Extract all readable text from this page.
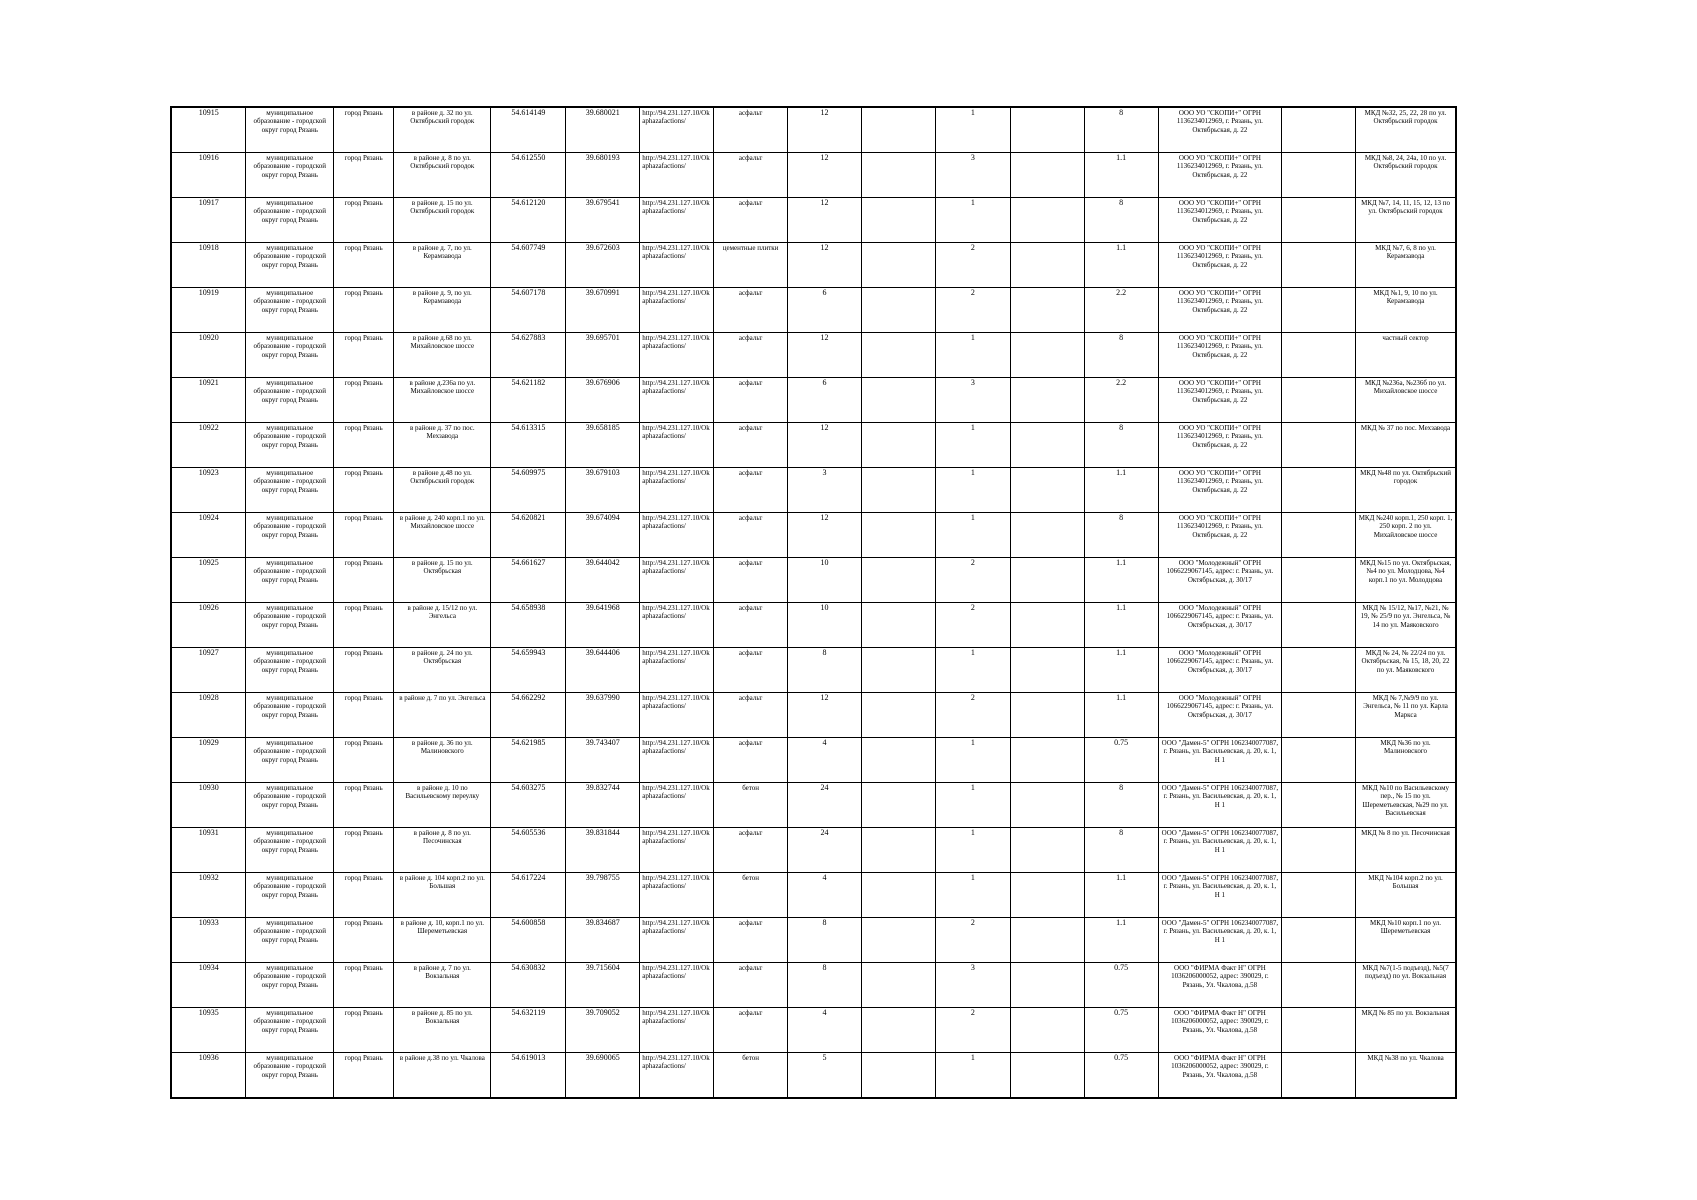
10915	муниципальное образование - городской округ город Рязань	город Рязань	в районе д. 32 по ул. Октябрьский городок	54.614149	39.680021	http://94.231.127.10/Okaphazafactions/	асфальт	12		1		8	ООО УО "СКОПИ+" ОГРН 1136234012969, г. Рязань, ул. Октябрьская, д. 22		МКД №32, 25, 22, 28 по ул. Октябрьский городок
10916	муниципальное образование - городской округ город Рязань	город Рязань	в районе д. 8 по ул. Октябрьский городок	54.612550	39.680193	http://94.231.127.10/Okaphazafactions/	асфальт	12		3		1.1	ООО УО "СКОПИ+" ОГРН 1136234012969, г. Рязань, ул. Октябрьская, д. 22		МКД №8, 24, 24а, 10 по ул. Октябрьский городок
10917	муниципальное образование - городской округ город Рязань	город Рязань	в районе д. 15 по ул. Октябрьский городок	54.612120	39.679541	http://94.231.127.10/Okaphazafactions/	асфальт	12		1		8	ООО УО "СКОПИ+" ОГРН 1136234012969, г. Рязань, ул. Октябрьская, д. 22		МКД №7, 14, 11, 15, 12, 13 по ул. Октябрьский городок
10918	муниципальное образование - городской округ город Рязань	город Рязань	в районе д. 7, по ул. Керамзавода	54.607749	39.672603	http://94.231.127.10/Okaphazafactions/	цементные плитки	12		2		1.1	ООО УО "СКОПИ+" ОГРН 1136234012969, г. Рязань, ул. Октябрьская, д. 22		МКД №7, 6, 8 по ул. Керамзавода
10919	муниципальное образование - городской округ город Рязань	город Рязань	в районе д. 9, по ул. Керамзавода	54.607178	39.670991	http://94.231.127.10/Okaphazafactions/	асфальт	6		2		2.2	ООО УО "СКОПИ+" ОГРН 1136234012969, г. Рязань, ул. Октябрьская, д. 22		МКД №1, 9, 10 по ул. Керамзавода
10920	муниципальное образование - городской округ город Рязань	город Рязань	в районе д.68 по ул. Михайловское шоссе	54.627883	39.695701	http://94.231.127.10/Okaphazafactions/	асфальт	12		1		8	ООО УО "СКОПИ+" ОГРН 1136234012969, г. Рязань, ул. Октябрьская, д. 22		частный сектор
10921	муниципальное образование - городской округ город Рязань	город Рязань	в районе д.236а по ул. Михайловское шоссе	54.621182	39.676906	http://94.231.127.10/Okaphazafactions/	асфальт	6		3		2.2	ООО УО "СКОПИ+" ОГРН 1136234012969, г. Рязань, ул. Октябрьская, д. 22		МКД №236а, №236б по ул. Михайловское шоссе
10922	муниципальное образование - городской округ город Рязань	город Рязань	в районе д. 37 по пос. Мехзавода	54.613315	39.658185	http://94.231.127.10/Okaphazafactions/	асфальт	12		1		8	ООО УО "СКОПИ+" ОГРН 1136234012969, г. Рязань, ул. Октябрьская, д. 22		МКД № 37 по пос. Мехзавода
10923	муниципальное образование - городской округ город Рязань	город Рязань	в районе д.48 по ул. Октябрьский городок	54.609975	39.679103	http://94.231.127.10/Okaphazafactions/	асфальт	3		1		1.1	ООО УО "СКОПИ+" ОГРН 1136234012969, г. Рязань, ул. Октябрьская, д. 22		МКД №48 по ул. Октябрьский городок
10924	муниципальное образование - городской округ город Рязань	город Рязань	в районе д. 240 корп.1 по ул. Михайловское шоссе	54.620821	39.674094	http://94.231.127.10/Okaphazafactions/	асфальт	12		1		8	ООО УО "СКОПИ+" ОГРН 1136234012969, г. Рязань, ул. Октябрьская, д. 22		МКД №240 корп.1, 250 корп. 1, 250 корп. 2 по ул. Михайловское шоссе
10925	муниципальное образование - городской округ город Рязань	город Рязань	в районе д. 15 по ул. Октябрьская	54.661627	39.644042	http://94.231.127.10/Okaphazafactions/	асфальт	10		2		1.1	ООО "Молодежный" ОГРН 1066229067145, адрес: г. Рязань, ул. Октябрьская, д. 30/17		МКД №15 по ул. Октябрьская, №4 по ул. Молодцова, №4 корп.1 по ул. Молодцова
10926	муниципальное образование - городской округ город Рязань	город Рязань	в районе д. 15/12 по ул. Энгельса	54.658938	39.641968	http://94.231.127.10/Okaphazafactions/	асфальт	10		2		1.1	ООО "Молодежный" ОГРН 1066229067145, адрес: г. Рязань, ул. Октябрьская, д. 30/17		МКД № 15/12, №17, №21, № 19, № 25/9 по ул. Энгельса, № 14 по ул. Маяковского
10927	муниципальное образование - городской округ город Рязань	город Рязань	в районе д. 24 по ул. Октябрьская	54.659943	39.644406	http://94.231.127.10/Okaphazafactions/	асфальт	8		1		1.1	ООО "Молодежный" ОГРН 1066229067145, адрес: г. Рязань, ул. Октябрьская, д. 30/17		МКД № 24, № 22/24 по ул. Октябрьская, № 15, 18, 20, 22 по ул. Маяковского
10928	муниципальное образование - городской округ город Рязань	город Рязань	в районе д. 7 по ул. Энгельса	54.662292	39.637990	http://94.231.127.10/Okaphazafactions/	асфальт	12		2		1.1	ООО "Молодежный" ОГРН 1066229067145, адрес: г. Рязань, ул. Октябрьская, д. 30/17		МКД № 7,№9/9 по ул. Энгельса, № 11 по ул. Карла Маркса
10929	муниципальное образование - городской округ город Рязань	город Рязань	в районе д. 36 по ул. Малиновского	54.621985	39.743407	http://94.231.127.10/Okaphazafactions/	асфальт	4		1		0.75	ООО "Дамен-5" ОГРН 1062340077087, г. Рязань, ул. Васильевская, д. 20, к. 1, Н 1		МКД №36 по ул. Малиновского
10930	муниципальное образование - городской округ город Рязань	город Рязань	в районе д. 10 по Васильевскому переулку	54.603275	39.832744	http://94.231.127.10/Okaphazafactions/	бетон	24		1		8	ООО "Дамен-5" ОГРН 1062340077087, г. Рязань, ул. Васильевская, д. 20, к. 1, Н 1		МКД №10 по Васильевскому пер., № 15 по ул. Шереметьевская, №29 по ул. Васильевская
10931	муниципальное образование - городской округ город Рязань	город Рязань	в районе д. 8 по ул. Песочинская	54.605536	39.831844	http://94.231.127.10/Okaphazafactions/	асфальт	24		1		8	ООО "Дамен-5" ОГРН 1062340077087, г. Рязань, ул. Васильевская, д. 20, к. 1, Н 1		МКД № 8 по ул. Песочинская
10932	муниципальное образование - городской округ город Рязань	город Рязань	в районе д. 104 корп.2 по ул. Большая	54.617224	39.798755	http://94.231.127.10/Okaphazafactions/	бетон	4		1		1.1	ООО "Дамен-5" ОГРН 1062340077087, г. Рязань, ул. Васильевская, д. 20, к. 1, Н 1		МКД №104 корп.2 по ул. Большая
10933	муниципальное образование - городской округ город Рязань	город Рязань	в районе д. 10, корп.1 по ул. Шереметьевская	54.600858	39.834687	http://94.231.127.10/Okaphazafactions/	асфальт	8		2		1.1	ООО "Дамен-5" ОГРН 1062340077087, г. Рязань, ул. Васильевская, д. 20, к. 1, Н 1		МКД №10 корп.1 по ул. Шереметьевская
10934	муниципальное образование - городской округ город Рязань	город Рязань	в районе д. 7 по ул. Вокзальная	54.630832	39.715604	http://94.231.127.10/Okaphazafactions/	асфальт	8		3		0.75	ООО "ФИРМА Факт Н" ОГРН 1036206000052, адрес: 390029, г. Рязань, Ул. Чкалова, д.58		МКД №7(1-5 подъезд), №5(7 подъезд) по ул. Вокзальная
10935	муниципальное образование - городской округ город Рязань	город Рязань	в районе д. 85 по ул. Вокзальная	54.632119	39.709052	http://94.231.127.10/Okaphazafactions/	асфальт	4		2		0.75	ООО "ФИРМА Факт Н" ОГРН 1036206000052, адрес: 390029, г. Рязань, Ул. Чкалова, д.58		МКД № 85 по ул. Вокзальная
10936	муниципальное образование - городской округ город Рязань	город Рязань	в районе д.38 по ул. Чкалова	54.619013	39.690065	http://94.231.127.10/Okaphazafactions/	бетон	5		1		0.75	ООО "ФИРМА Факт Н" ОГРН 1036206000052, адрес: 390029, г. Рязань, Ул. Чкалова, д.58		МКД №38 по ул. Чкалова
